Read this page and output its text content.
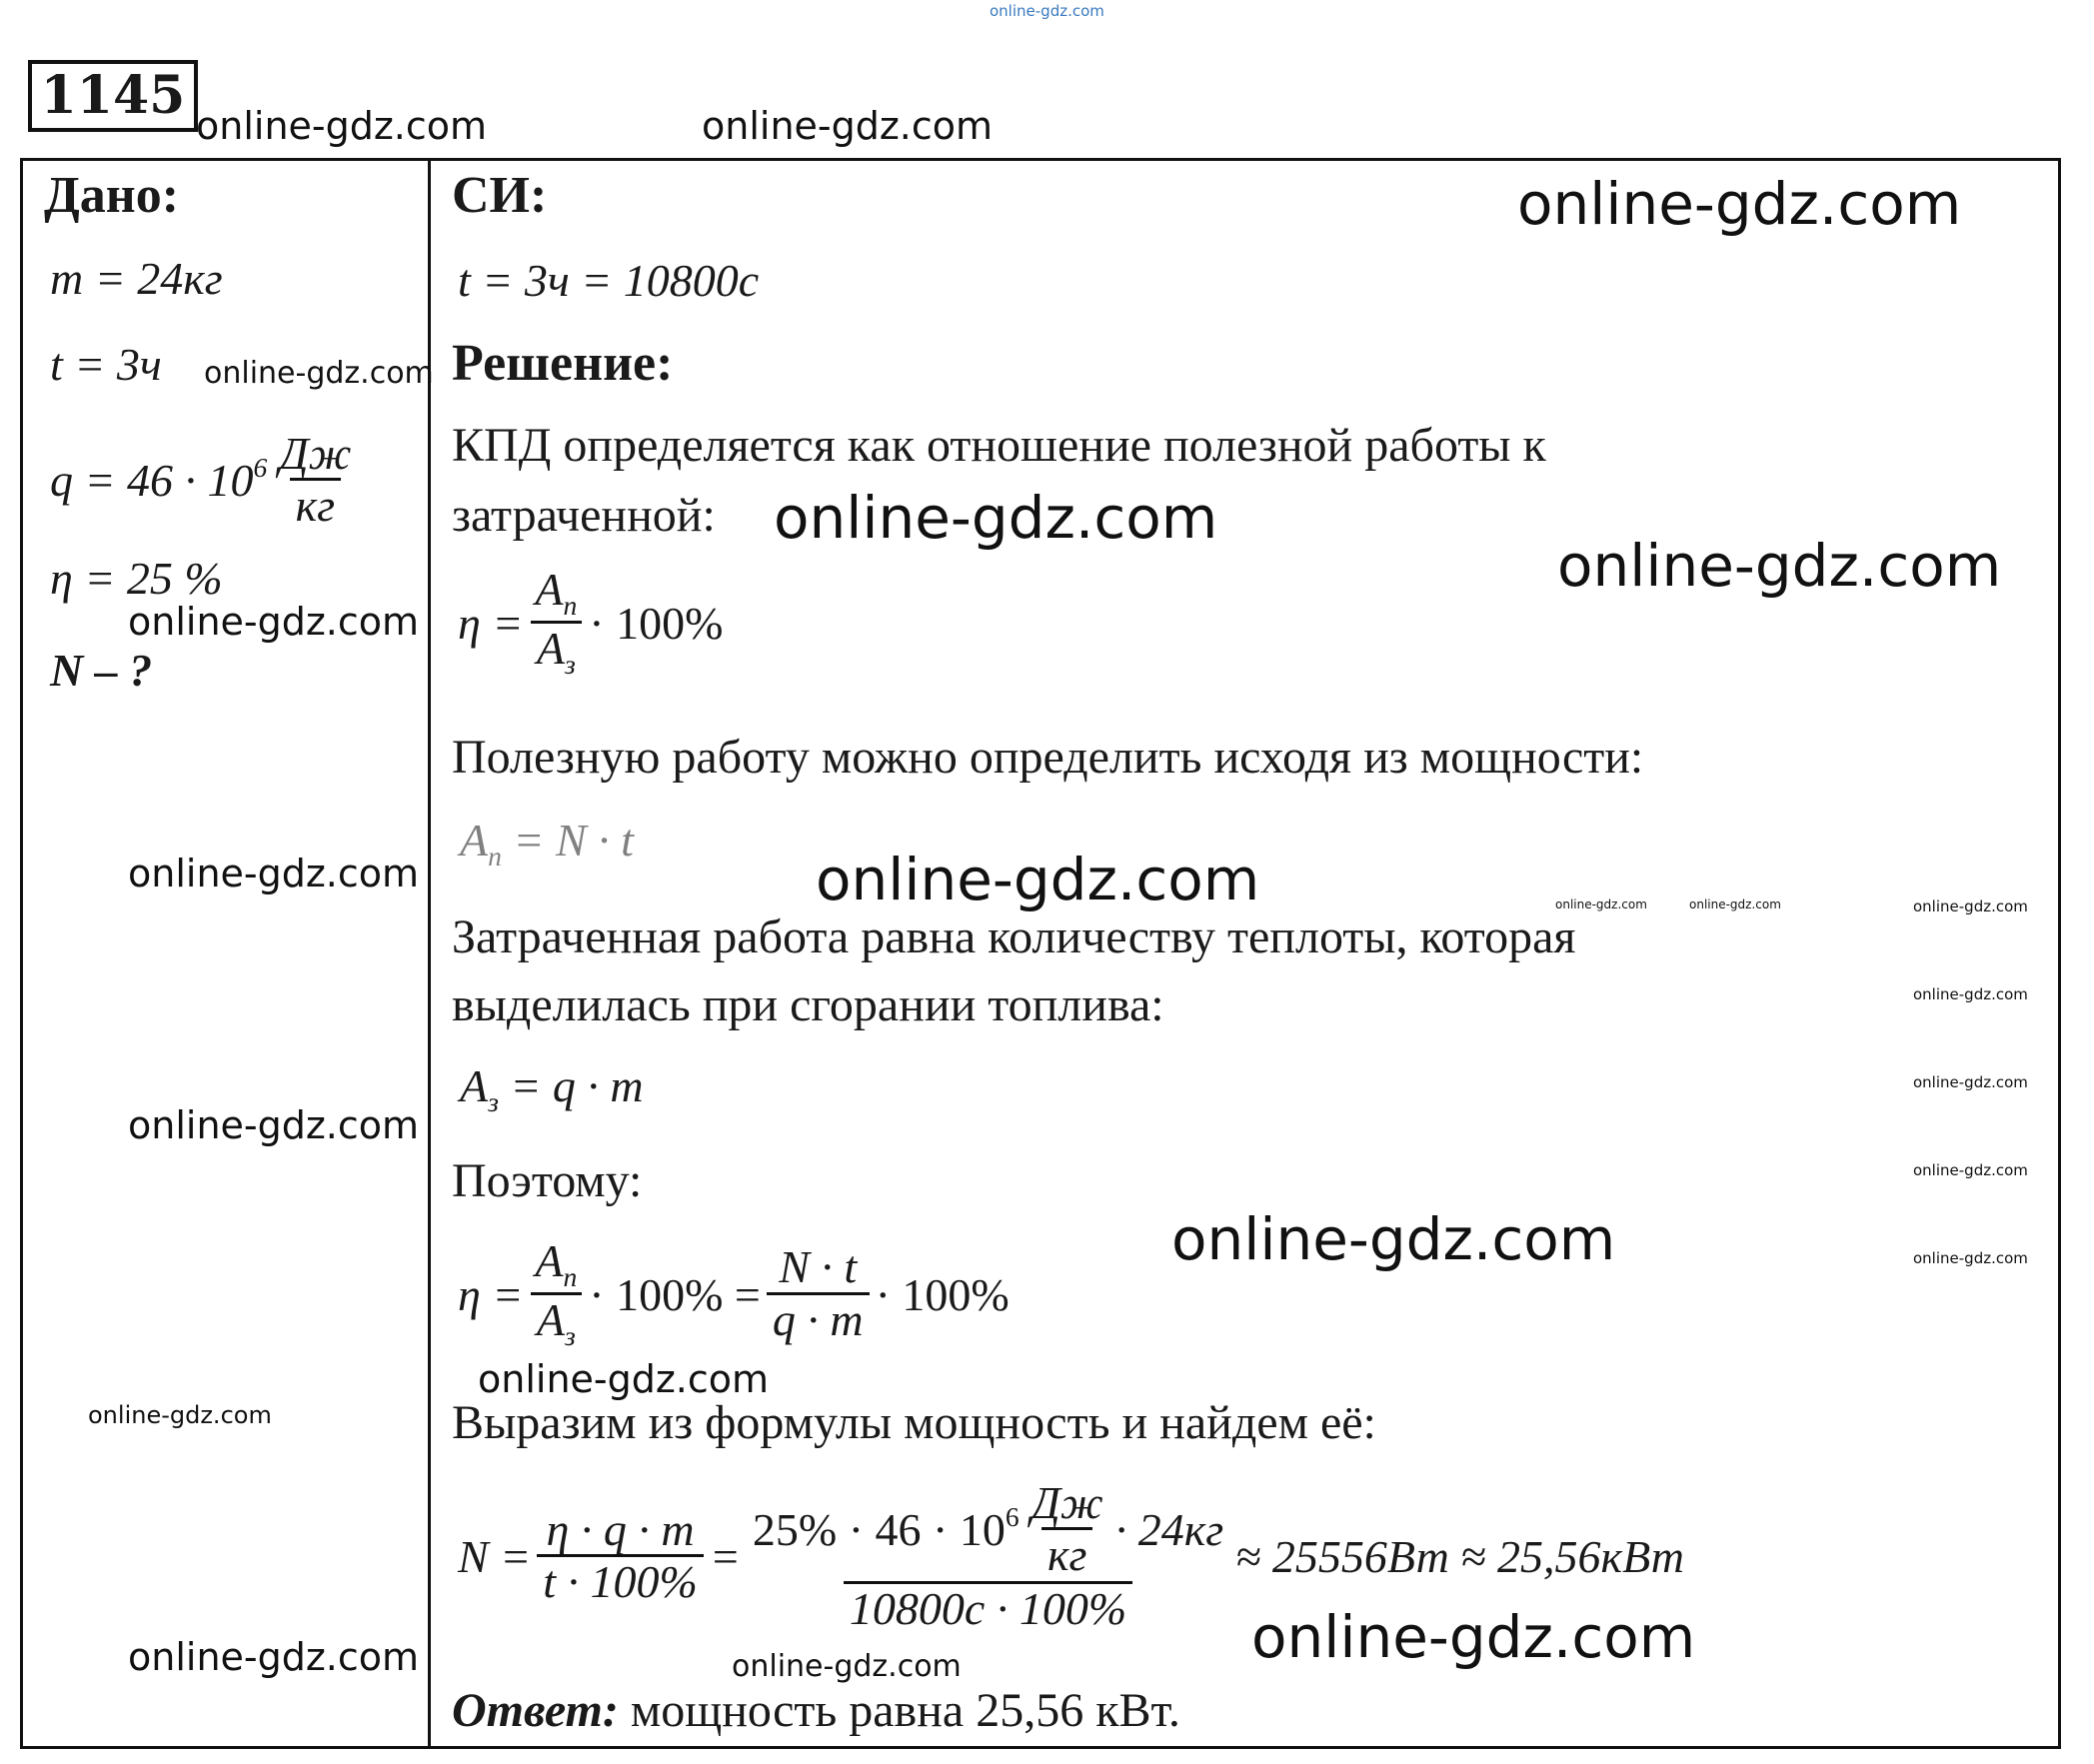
online-gdz.com
1145
Дано:
m = 24кг
t = 3ч
$q = 46 \cdot 10^6 \frac{Дж}{кг}$
η = 25 %
N – ?
СИ:
t = 3ч = 10800с
Решение:
КПД определяется как отношение полезной работы к
затраченной:
$\eta = \frac{A_п}{A_з} \cdot 100\%$
Полезную работу можно определить исходя из мощности:
$A_п = N \cdot t$
Затраченная работа равна количеству теплоты, которая
выделилась при сгорании топлива:
$A_з = q \cdot m$
Поэтому:
$\eta = \frac{A_п}{A_з} \cdot 100\% = \frac{N \cdot t}{q \cdot m} \cdot 100\%$
Выразим из формулы мощность и найдем её:
$N = \frac{\eta \cdot q \cdot m}{t \cdot 100\%}$ =
$25\% \cdot 46 \cdot 10^6 \frac{Дж}{кг} \cdot 24кг$
10800с · 100%
≈ 25556Вт ≈ 25,56кВт
Ответ: мощность равна 25,56 кВт.
online-gdz.com	online-gdz.com
online-gdz.com
online-gdz.com
online-gdz.com
online-gdz.com
online-gdz.com
online-gdz.com	online-gdz.com	online-gdz.com	online-gdz.com	online-gdz.com
online-gdz.com
online-gdz.com
online-gdz.com
online-gdz.com
online-gdz.com	online-gdz.com
online-gdz.com
online-gdz.com
online-gdz.com	online-gdz.com
online-gdz.com
